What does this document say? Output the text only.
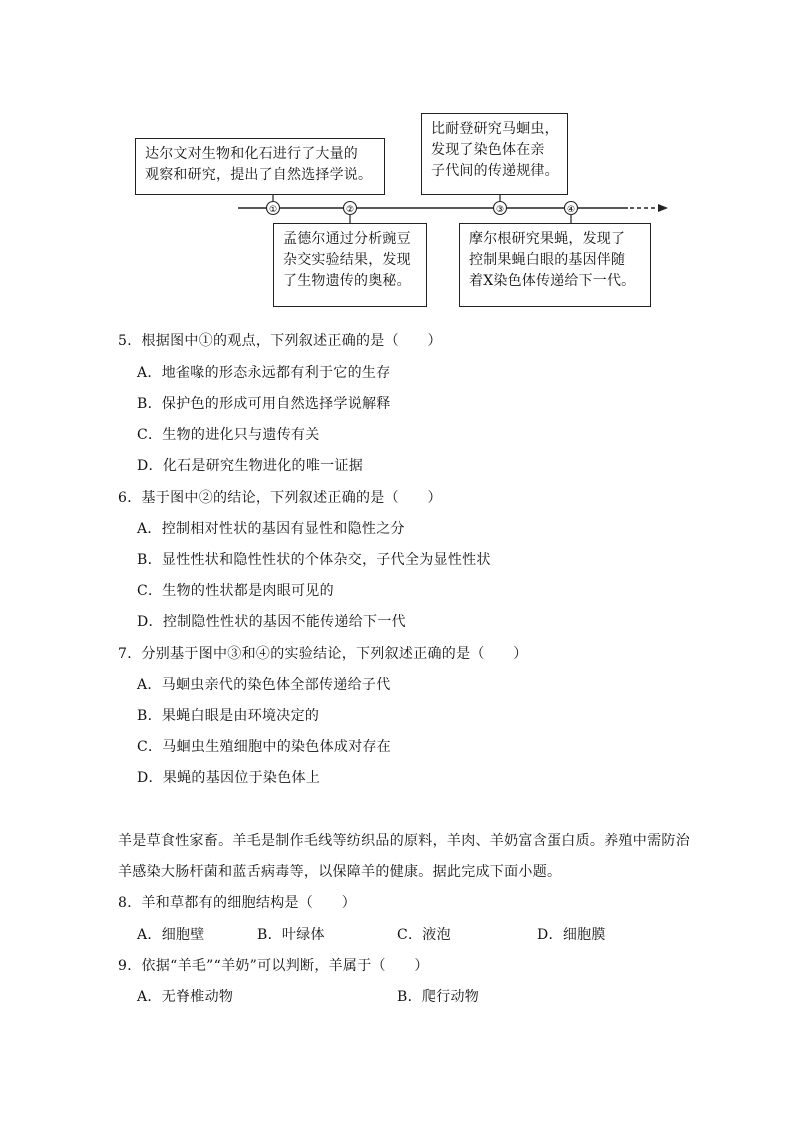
①	②	③	④
达尔文对生物和化石进行了大量的
观察和研究，提出了自然选择学说。
孟德尔通过分析豌豆
杂交实验结果，发现
了生物遗传的奥秘。
比耐登研究马蛔虫，
发现了染色体在亲
子代间的传递规律。
摩尔根研究果蝇，发现了
控制果蝇白眼的基因伴随
着X染色体传递给下一代。
5．根据图中①的观点，下列叙述正确的是（　　）
A．地雀喙的形态永远都有利于它的生存
B．保护色的形成可用自然选择学说解释
C．生物的进化只与遗传有关
D．化石是研究生物进化的唯一证据
6．基于图中②的结论，下列叙述正确的是（　　）
A．控制相对性状的基因有显性和隐性之分
B．显性性状和隐性性状的个体杂交，子代全为显性性状
C．生物的性状都是肉眼可见的
D．控制隐性性状的基因不能传递给下一代
7．分别基于图中③和④的实验结论，下列叙述正确的是（　　）
A．马蛔虫亲代的染色体全部传递给子代
B．果蝇白眼是由环境决定的
C．马蛔虫生殖细胞中的染色体成对存在
D．果蝇的基因位于染色体上
羊是草食性家畜。羊毛是制作毛线等纺织品的原料，羊肉、羊奶富含蛋白质。养殖中需防治
羊感染大肠杆菌和蓝舌病毒等，以保障羊的健康。据此完成下面小题。
8．羊和草都有的细胞结构是（　　）
A．细胞壁	B．叶绿体	C．液泡	D．细胞膜
9．依据“羊毛”“羊奶”可以判断，羊属于（　　）
A．无脊椎动物	B．爬行动物
